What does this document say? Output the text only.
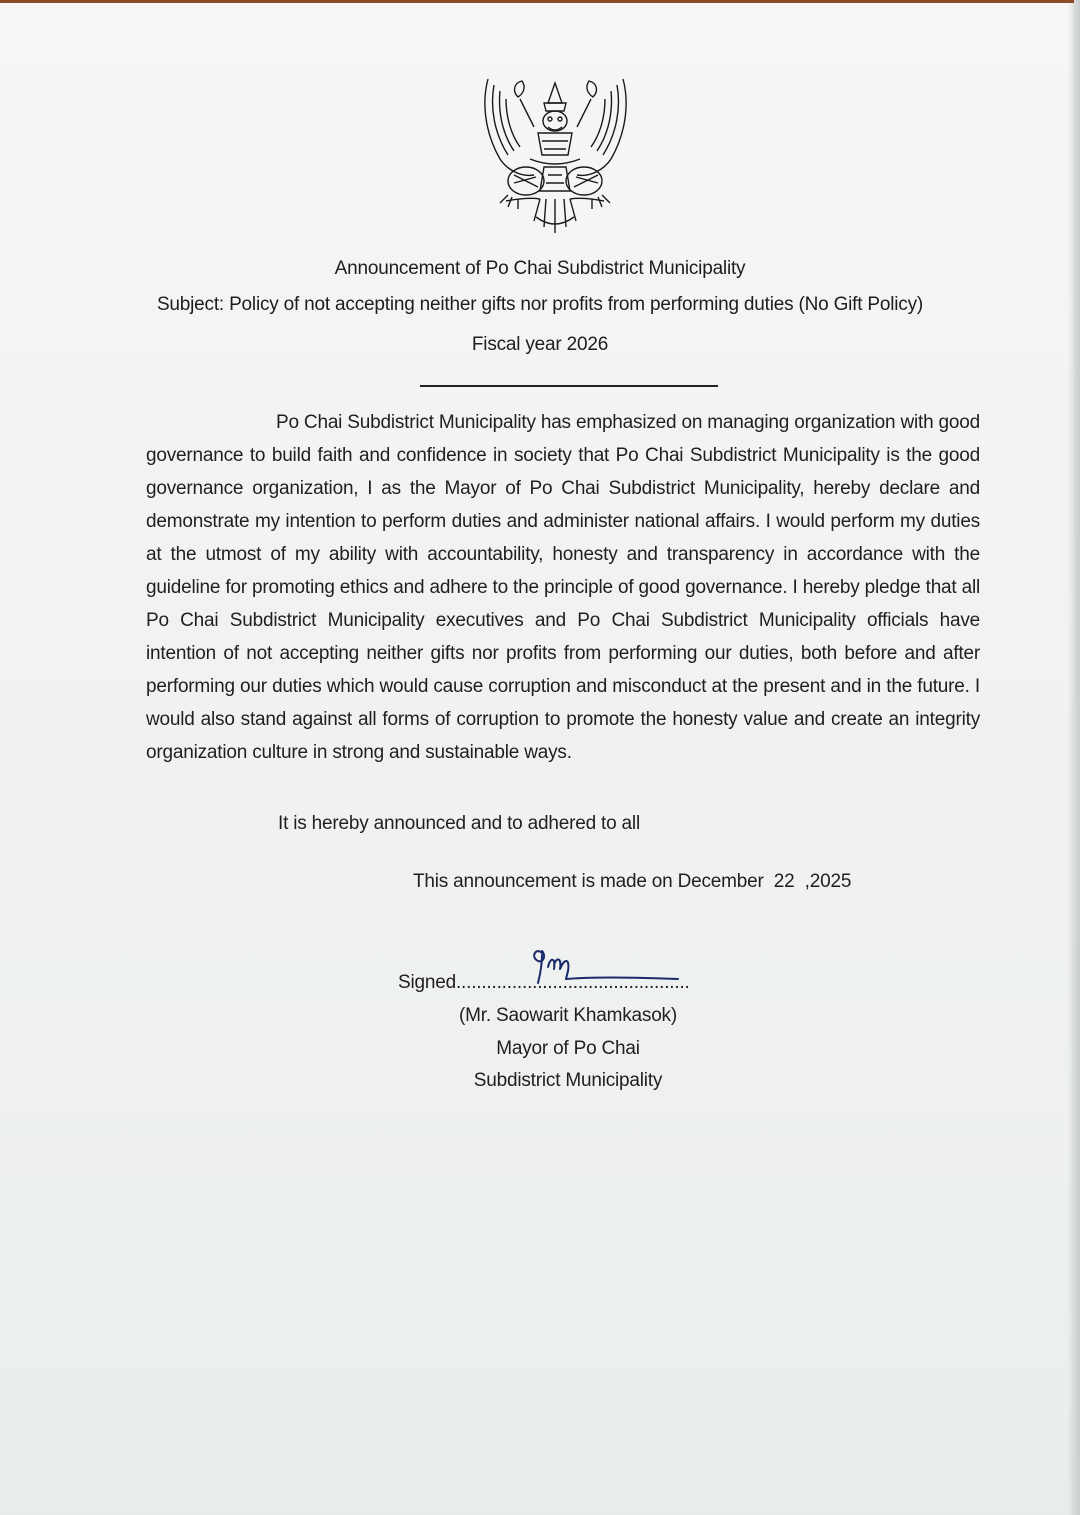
Announcement of Po Chai Subdistrict Municipality
Subject: Policy of not accepting neither gifts nor profits from performing duties (No Gift Policy)
Fiscal year 2026
Po Chai Subdistrict Municipality has emphasized on managing organization with good governance to build faith and confidence in society that Po Chai Subdistrict Municipality is the good governance organization, I as the Mayor of Po Chai Subdistrict Municipality, hereby declare and demonstrate my intention to perform duties and administer national affairs. I would perform my duties at the utmost of my ability with accountability, honesty and transparency in accordance with the guideline for promoting ethics and adhere to the principle of good governance. I hereby pledge that all Po Chai Subdistrict Municipality executives and Po Chai Subdistrict Municipality officials have intention of not accepting neither gifts nor profits from performing our duties, both before and after performing our duties which would cause corruption and misconduct at the present and in the future. I would also stand against all forms of corruption to promote the honesty value and create an integrity organization culture in strong and sustainable ways.
It is hereby announced and to adhered to all
This announcement is made on December  22  ,2025
Signed..............................................
(Mr. Saowarit Khamkasok)
Mayor of Po Chai
Subdistrict Municipality
